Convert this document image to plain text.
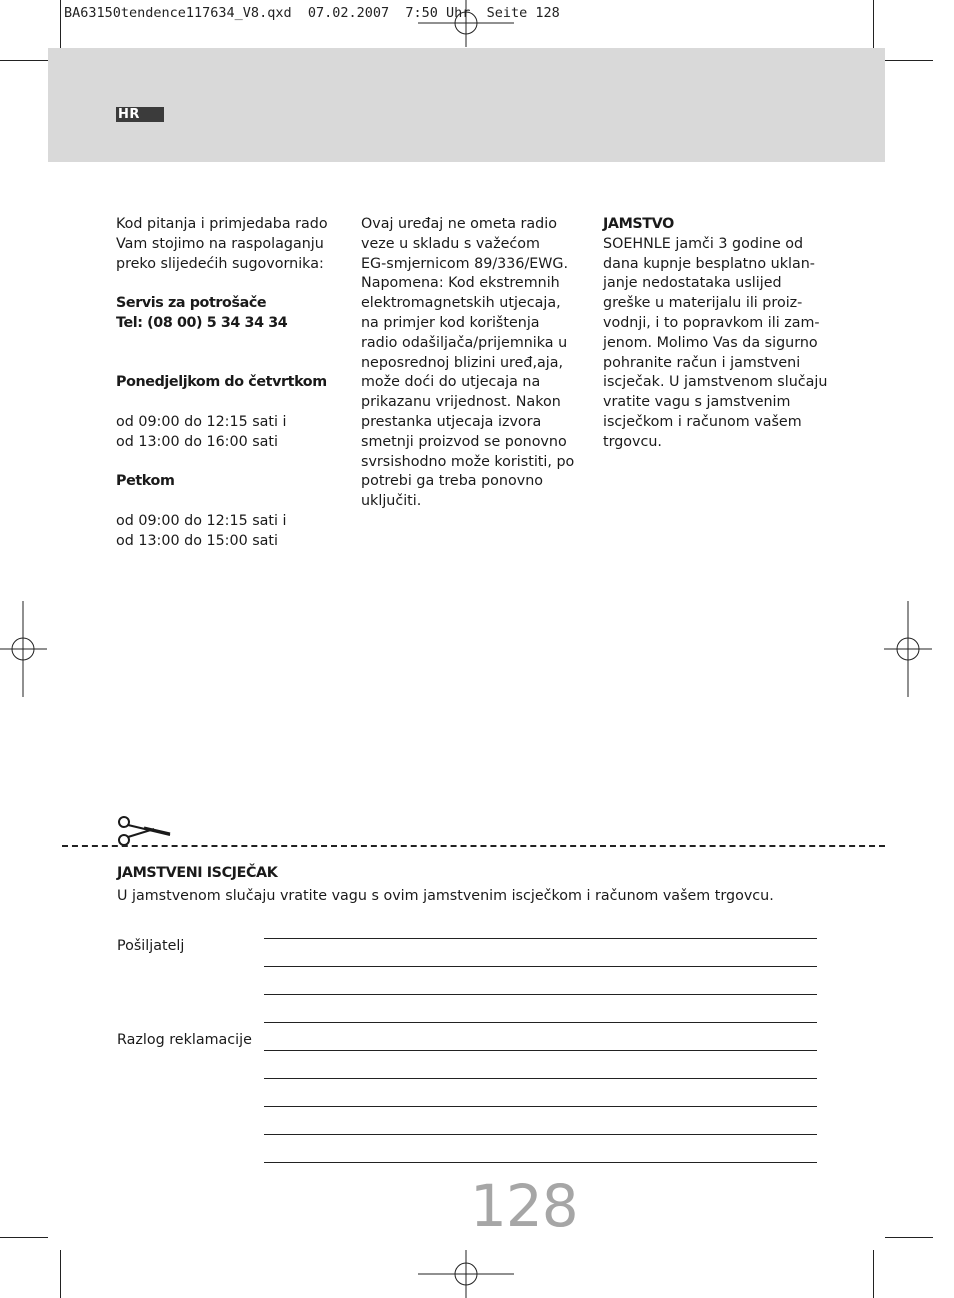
BA63150tendence117634_V8.qxd  07.02.2007  7:50 Uhr  Seite 128
HR

Kod pitanja i primjedaba rado

Vam stojimo na raspolaganju

preko slijedećih sugovornika:

Servis za potrošače

Tel: (08 00) 5 34 34 34

Ponedjeljkom do četvrtkom

od 09:00 do 12:15 sati i

od 13:00 do 16:00 sati

Petkom

od 09:00 do 12:15 sati i

od 13:00 do 15:00 sati

Ovaj uređaj ne ometa radio

veze u skladu s važećom

EG-smjernicom 89/336/EWG.

Napomena: Kod ekstremnih

elektromagnetskih utjecaja,

na primjer kod korištenja

radio odašiljača/prijemnika u

neposrednoj blizini uređ,aja,

može doći do utjecaja na

prikazanu vrijednost. Nakon

prestanka utjecaja izvora

smetnji proizvod se ponovno

svrsishodno može koristiti, po

potrebi ga treba ponovno

uključiti.

JAMSTVO

SOEHNLE jamči 3 godine od

dana kupnje besplatno uklan-

janje nedostataka uslijed

greške u materijalu ili proiz-

vodnji, i to popravkom ili zam-

jenom. Molimo Vas da sigurno

pohranite račun i jamstveni

iscječak. U jamstvenom slučaju

vratite vagu s jamstvenim

iscječkom i računom vašem

trgovcu.

JAMSTVENI ISCJEČAK
U jamstvenom slučaju vratite vagu s ovim jamstvenim iscječkom i računom vašem trgovcu.
Pošiljatelj
Razlog reklamacije
128
